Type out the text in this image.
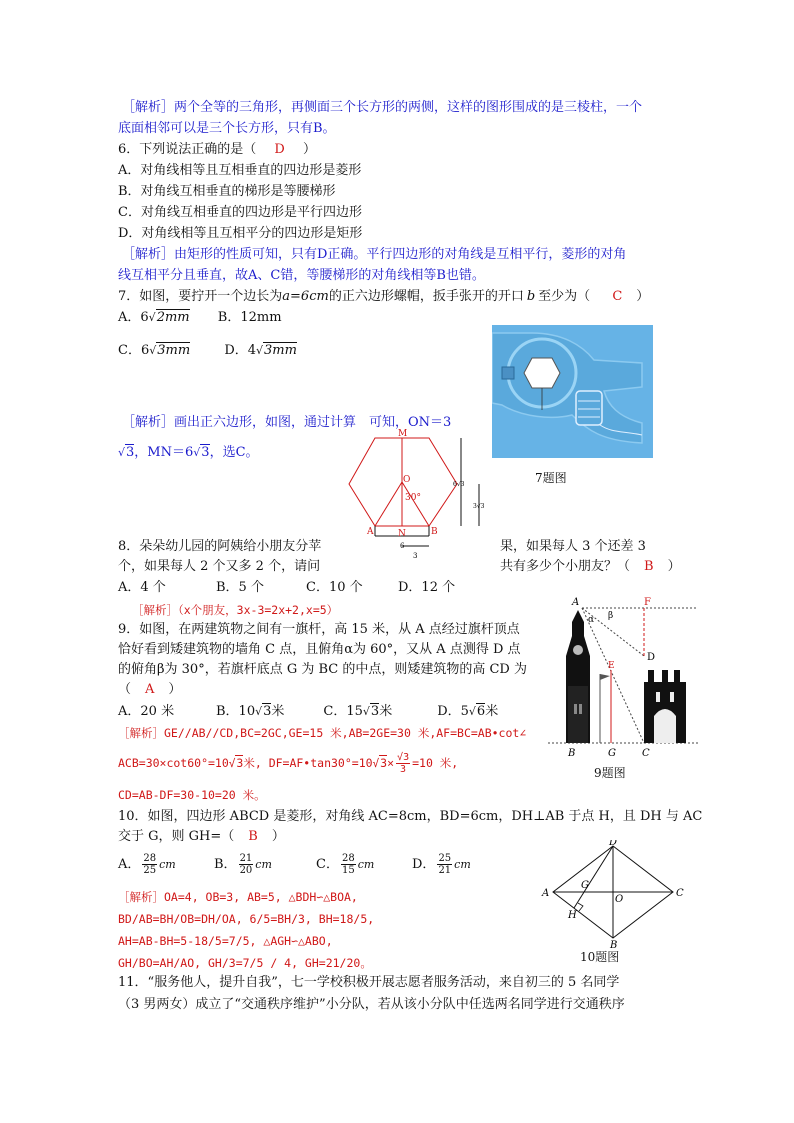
［解析］两个全等的三角形，再侧面三个长方形的两侧，这样的图形围成的是三棱柱，一个
底面相邻可以是三个长方形，只有B。
6．下列说法正确的是（ D ）
A．对角线相等且互相垂直的四边形是菱形
B．对角线互相垂直的梯形是等腰梯形
C．对角线互相垂直的四边形是平行四边形
D．对角线相等且互相平分的四边形是矩形
［解析］由矩形的性质可知，只有D正确。平行四边形的对角线是互相平行，菱形的对角
线互相平分且垂直，故A、C错，等腰梯形的对角线相等B也错。
7．如图，要拧开一个边长为a=6cm的正六边形螺帽，扳手张开的开口 b 至少为（ C ）
A．6√2mm B．12mm
C．6√3mm	D．4√3mm
7题图
［解析］画出正六边形，如图，通过计算　可知，ON＝3
√3，MN＝6√3，选C。
M
O
30°
A	N	B
6
3
6√3
3√3
8．朵朵幼儿园的阿姨给小朋友分苹	果，如果每人 3 个还差 3
个，如果每人 2 个又多 2 个，请问	共有多少个小朋友？（ B ）
A．4 个	B．5 个	C．10 个	D．12 个
［解析］（x个朋友，3x-3=2x+2,x=5）
9．如图，在两建筑物之间有一旗杆，高 15 米，从 A 点经过旗杆顶点
恰好看到矮建筑物的墙角 C 点，且俯角α为 60°，又从 A 点测得 D 点
的俯角β为 30°，若旗杆底点 G 为 BC 的中点，则矮建筑物的高 CD 为
（ A ）
A．20 米	B．10√3米	C．15√3米	D．5√6米
［解析］GE//AB//CD,BC=2GC,GE=15 米,AB=2GE=30 米,AF=BC=AB•cot∠
ACB=30×cot60°=10√3米, DF=AF•tan30°=10√3× $\frac{√3}{3} =10$ 米,
CD=AB-DF=30-10=20 米。
A	F
α β
D
E
B	G	C
9题图
10．如图，四边形 ABCD 是菱形，对角线 AC=8cm，BD=6cm，DH⊥AB 于点 H，且 DH 与 AC
交于 G，则 GH=（ B ）
A． $\frac{28}{25}$ cm	B． $\frac{21}{20}$ cm	C． $\frac{28}{15}$ cm	D． $\frac{25}{21}$ cm
［解析］OA=4, OB=3, AB=5, △BDH∽△BOA,
BD/AB=BH/OB=DH/OA, 6/5=BH/3, BH=18/5,
AH=AB-BH=5-18/5=7/5, △AGH∽△ABO,
GH/BO=AH/AO, GH/3=7/5 / 4, GH=21/20。
D
A
G
O
C
H
B
10题图
11．“服务他人，提升自我”，七一学校积极开展志愿者服务活动，来自初三的 5 名同学
（3 男两女）成立了“交通秩序维护”小分队，若从该小分队中任选两名同学进行交通秩序
